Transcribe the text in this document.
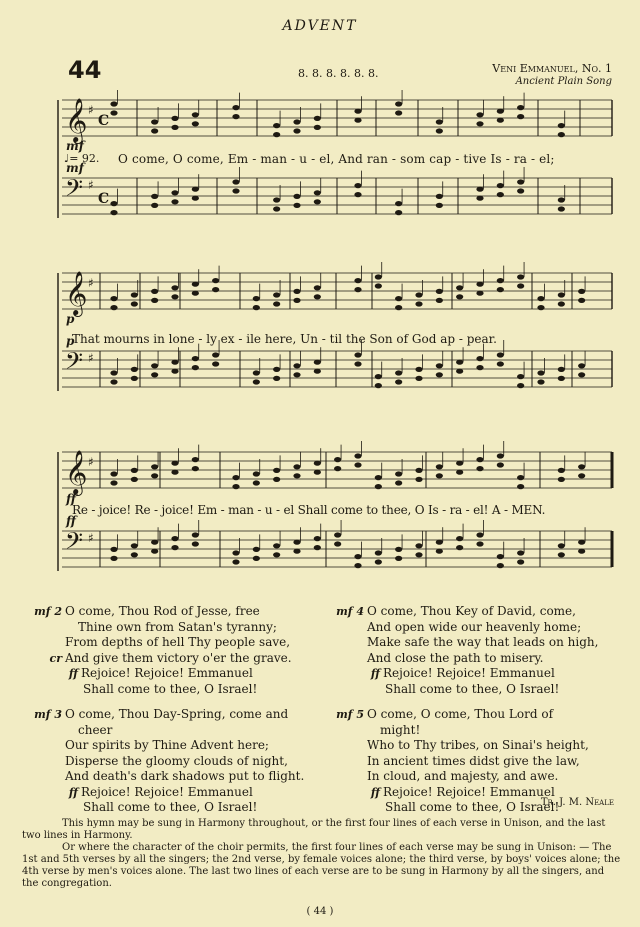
ADVENT
44	8. 8. 8. 8. 8. 8.	Veni Emmanuel, No. 1
Ancient Plain Song
𝄞 ♯
C
mf
𝄢 ♯
C
mf
𝄞 ♯
p
𝄢 ♯
p
𝄞 ♯
ff
𝄢 ♯
ff
♩= 92. O come, O come, Em - man - u - el, And ran - som cap - tive Is - ra - el;
That mourns in lone - ly ex - ile here, Un - til the Son of God ap - pear.
Re - joice! Re - joice! Em - man - u - el Shall come to thee, O Is - ra - el! A - MEN.
mf 2 O come, Thou Rod of Jesse, free
Thine own from Satan's tyranny;
From depths of hell Thy people save,
cr And give them victory o'er the grave.
ff Rejoice! Rejoice! Emmanuel
Shall come to thee, O Israel!
mf 3 O come, Thou Day-Spring, come and
cheer
Our spirits by Thine Advent here;
Disperse the gloomy clouds of night,
And death's dark shadows put to flight.
ff Rejoice! Rejoice! Emmanuel
Shall come to thee, O Israel!
mf 4 O come, Thou Key of David, come,
And open wide our heavenly home;
Make safe the way that leads on high,
And close the path to misery.
ff Rejoice! Rejoice! Emmanuel
Shall come to thee, O Israel!
mf 5 O come, O come, Thou Lord of
might!
Who to Thy tribes, on Sinai's height,
In ancient times didst give the law,
In cloud, and majesty, and awe.
ff Rejoice! Rejoice! Emmanuel
Shall come to thee, O Israel!
Tr. J. M. Neale

This hymn may be sung in Harmony throughout, or the first four lines of each verse in Unison, and the last two lines in Harmony.

Or where the character of the choir permits, the first four lines of each verse may be sung in Unison: — The 1st and 5th verses by all the singers; the 2nd verse, by female voices alone; the third verse, by boys' voices alone; the 4th verse by men's voices alone. The last two lines of each verse are to be sung in Harmony by all the singers, and the congregation.

( 44 )
